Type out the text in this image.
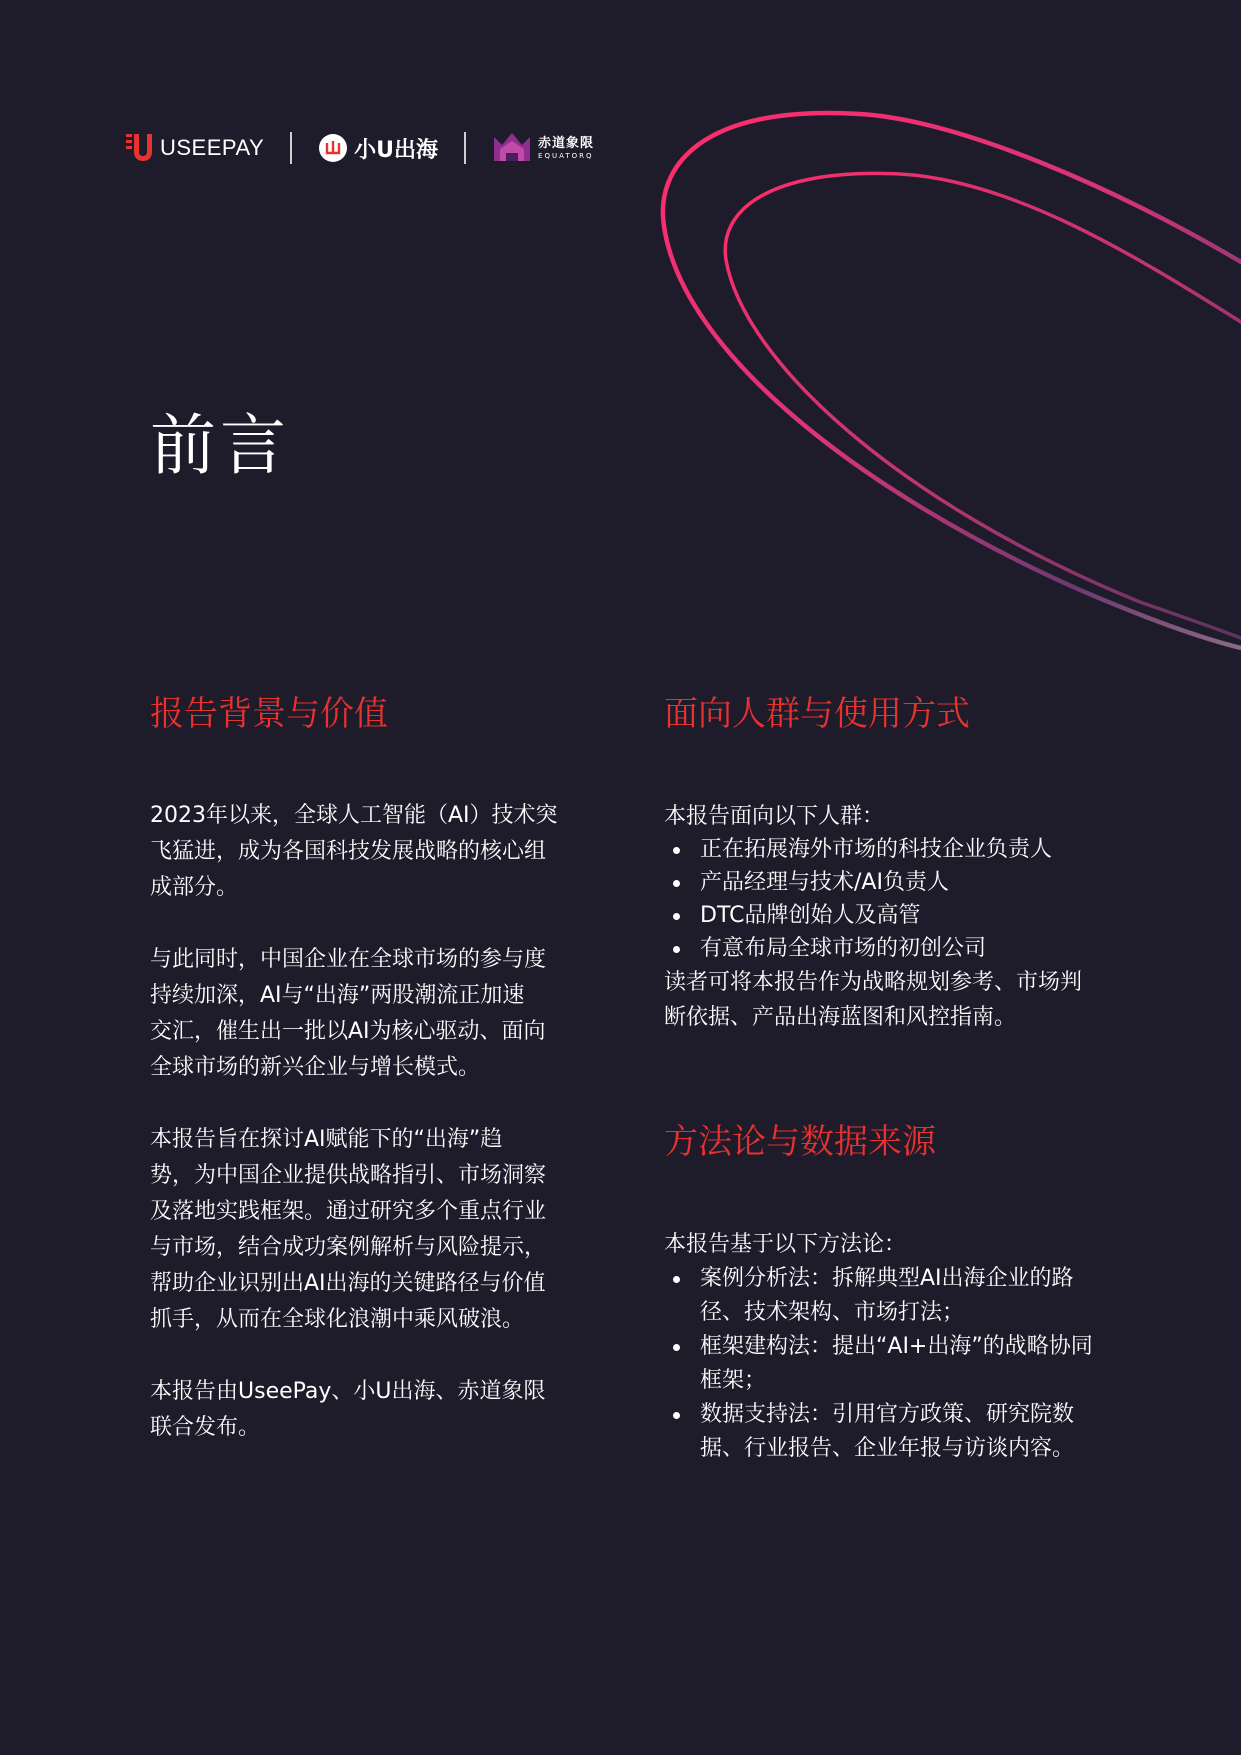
USEEPAY	小U出海	赤道象限
EQUATORQ
前言
报告背景与价值

2023年以来，全球人工智能（AI）技术突
飞猛进，成为各国科技发展战略的核心组
成部分。

与此同时，中国企业在全球市场的参与度
持续加深，AI与“出海”两股潮流正加速
交汇，催生出一批以AI为核心驱动、面向
全球市场的新兴企业与增长模式。

本报告旨在探讨AI赋能下的“出海”趋
势，为中国企业提供战略指引、市场洞察
及落地实践框架。通过研究多个重点行业
与市场，结合成功案例解析与风险提示，
帮助企业识别出AI出海的关键路径与价值
抓手，从而在全球化浪潮中乘风破浪。

本报告由UseePay、小U出海、赤道象限
联合发布。

面向人群与使用方式

本报告面向以下人群：

正在拓展海外市场的科技企业负责人
产品经理与技术/AI负责人
DTC品牌创始人及高管
有意布局全球市场的初创公司

读者可将本报告作为战略规划参考、市场判
断依据、产品出海蓝图和风控指南。

方法论与数据来源

本报告基于以下方法论：

案例分析法：拆解典型AI出海企业的路
径、技术架构、市场打法；
框架建构法：提出“AI+出海”的战略协同
框架；
数据支持法：引用官方政策、研究院数
据、行业报告、企业年报与访谈内容。
